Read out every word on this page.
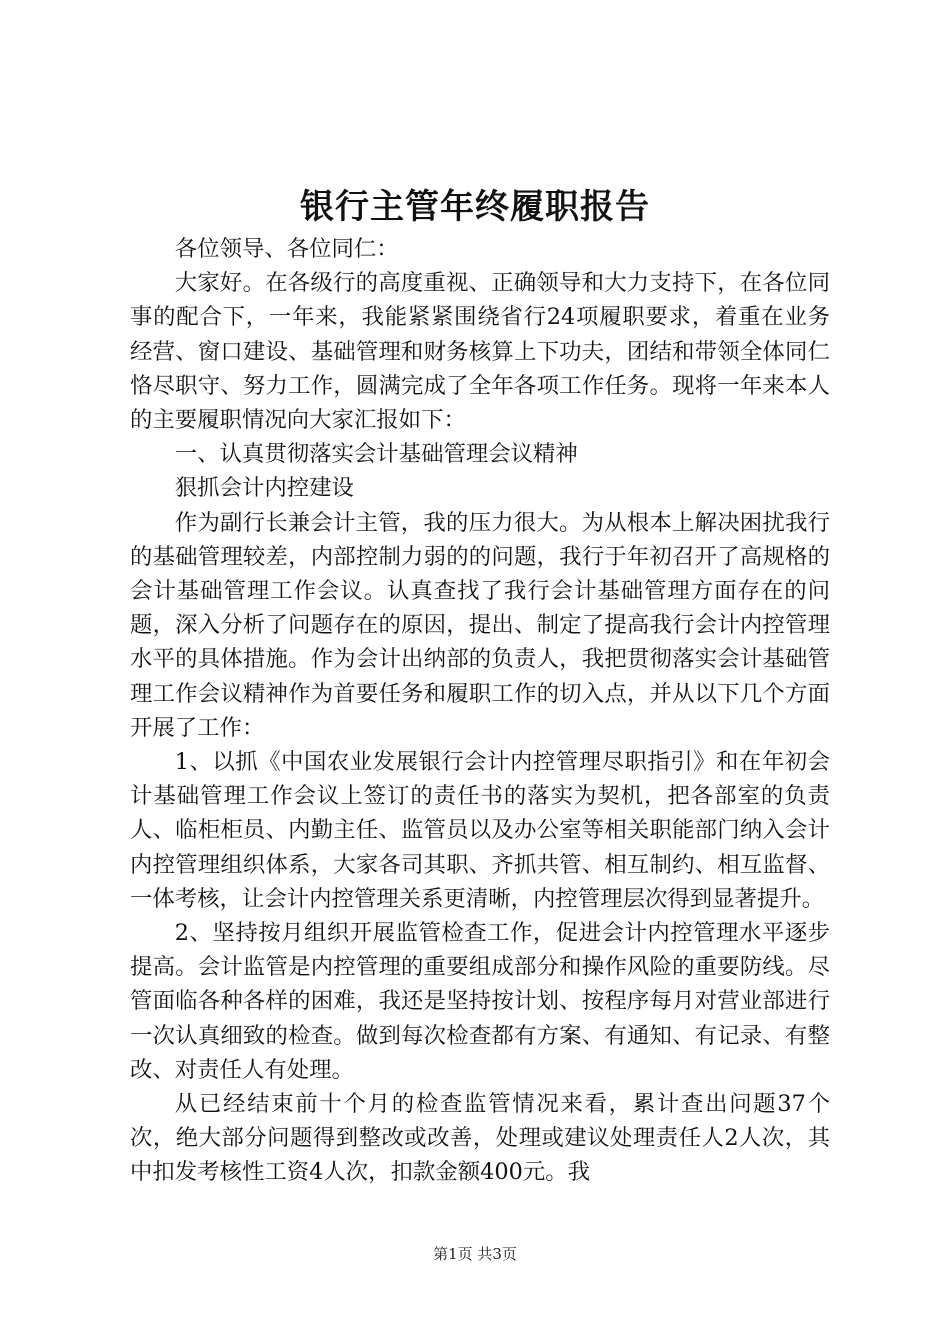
银行主管年终履职报告

各位领导、各位同仁：

大家好。在各级行的高度重视、正确领导和大力支持下，在各位同事的配合下，一年来，我能紧紧围绕省行24项履职要求，着重在业务经营、窗口建设、基础管理和财务核算上下功夫，团结和带领全体同仁恪尽职守、努力工作，圆满完成了全年各项工作任务。现将一年来本人的主要履职情况向大家汇报如下：

一、认真贯彻落实会计基础管理会议精神

狠抓会计内控建设

作为副行长兼会计主管，我的压力很大。为从根本上解决困扰我行的基础管理较差，内部控制力弱的的问题，我行于年初召开了高规格的会计基础管理工作会议。认真查找了我行会计基础管理方面存在的问题，深入分析了问题存在的原因，提出、制定了提高我行会计内控管理水平的具体措施。作为会计出纳部的负责人，我把贯彻落实会计基础管理工作会议精神作为首要任务和履职工作的切入点，并从以下几个方面开展了工作：

1、以抓《中国农业发展银行会计内控管理尽职指引》和在年初会计基础管理工作会议上签订的责任书的落实为契机，把各部室的负责人、临柜柜员、内勤主任、监管员以及办公室等相关职能部门纳入会计内控管理组织体系，大家各司其职、齐抓共管、相互制约、相互监督、一体考核，让会计内控管理关系更清晰，内控管理层次得到显著提升。

2、坚持按月组织开展监管检查工作，促进会计内控管理水平逐步提高。会计监管是内控管理的重要组成部分和操作风险的重要防线。尽管面临各种各样的困难，我还是坚持按计划、按程序每月对营业部进行一次认真细致的检查。做到每次检查都有方案、有通知、有记录、有整改、对责任人有处理。

从已经结束前十个月的检查监管情况来看，累计查出问题37个次，绝大部分问题得到整改或改善，处理或建议处理责任人2人次，其中扣发考核性工资4人次，扣款金额400元。我

第1页 共3页
